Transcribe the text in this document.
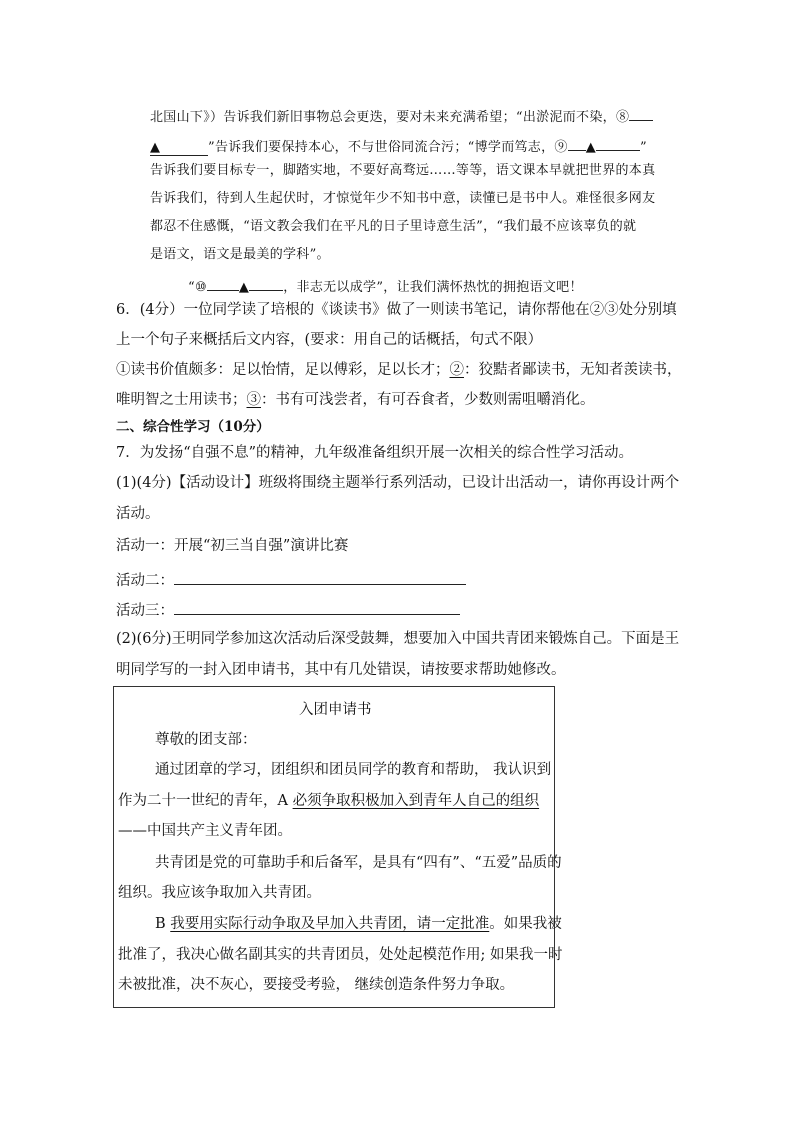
北国山下》）告诉我们新旧事物总会更迭，要对未来充满希望；“出淤泥而不染，⑧
▲	”告诉我们要保持本心，不与世俗同流合污；“博学而笃志，⑨ ▲	”
告诉我们要目标专一，脚踏实地，不要好高骛远……等等，语文课本早就把世界的本真
告诉我们，待到人生起伏时，才惊觉年少不知书中意，读懂已是书中人。难怪很多网友
都忍不住感慨，“语文教会我们在平凡的日子里诗意生活”，“我们最不应该辜负的就
是语文，语文是最美的学科”。
“⑩ ▲	，非志无以成学”，让我们满怀热忱的拥抱语文吧！
6．(4分）一位同学读了培根的《谈读书》做了一则读书笔记，请你帮他在②③处分别填
上一个句子来概括后文内容，(要求：用自己的话概括，句式不限）
①读书价值颇多：足以怡情，足以傅彩，足以长才；②：狡黠者鄙读书，无知者羡读书，
唯明智之士用读书；③：书有可浅尝者，有可吞食者，少数则需咀嚼消化。
二、综合性学习（10分）
7．为发扬“自强不息”的精神，九年级准备组织开展一次相关的综合性学习活动。
(1)(4分)【活动设计】班级将围绕主题举行系列活动，已设计出活动一，请你再设计两个
活动。
活动一：开展“初三当自强”演讲比赛
活动二：
活动三：
(2)(6分)王明同学参加这次活动后深受鼓舞，想要加入中国共青团来锻炼自己。下面是王
明同学写的一封入团申请书，其中有几处错误，请按要求帮助她修改。
入团申请书
尊敬的团支部：
通过团章的学习，团组织和团员同学的教育和帮助， 我认识到
作为二十一世纪的青年，A 必须争取积极加入到青年人自己的组织
——中国共产主义青年团。
共青团是党的可靠助手和后备军，是具有“四有”、“五爱”品质的
组织。我应该争取加入共青团。
B 我要用实际行动争取及早加入共青团，请一定批准。如果我被
批准了，我决心做名副其实的共青团员，处处起模范作用; 如果我一时
未被批准，决不灰心，要接受考验， 继续创造条件努力争取。
